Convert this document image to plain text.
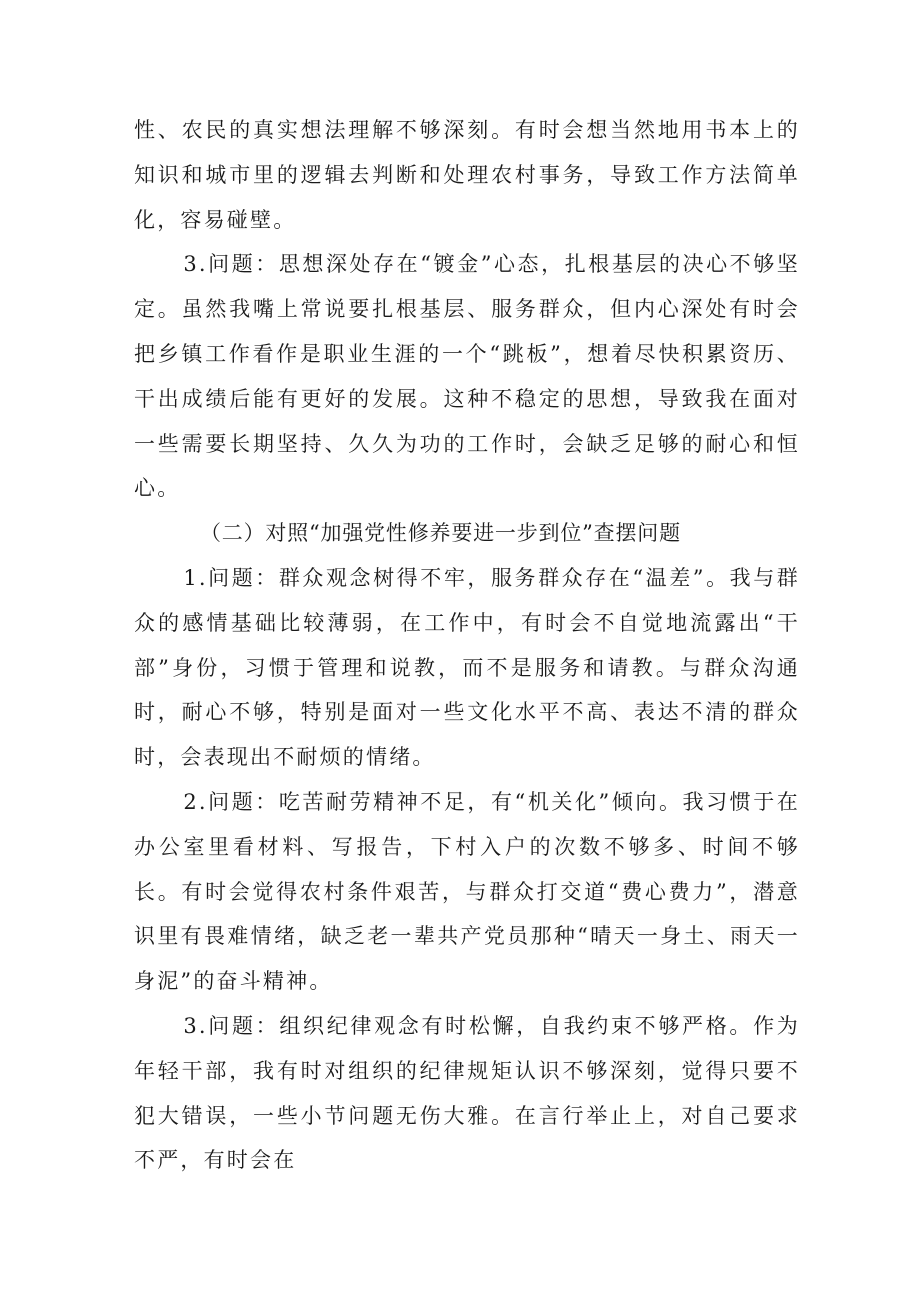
性、农民的真实想法理解不够深刻。有时会想当然地用书本上的知识和城市里的逻辑去判断和处理农村事务，导致工作方法简单化，容易碰壁。

3.问题：思想深处存在“镀金”心态，扎根基层的决心不够坚定。虽然我嘴上常说要扎根基层、服务群众，但内心深处有时会把乡镇工作看作是职业生涯的一个“跳板”，想着尽快积累资历、干出成绩后能有更好的发展。这种不稳定的思想，导致我在面对一些需要长期坚持、久久为功的工作时，会缺乏足够的耐心和恒心。

（二）对照“加强党性修养要进一步到位”查摆问题

1.问题：群众观念树得不牢，服务群众存在“温差”。我与群众的感情基础比较薄弱，在工作中，有时会不自觉地流露出“干部”身份，习惯于管理和说教，而不是服务和请教。与群众沟通时，耐心不够，特别是面对一些文化水平不高、表达不清的群众时，会表现出不耐烦的情绪。

2.问题：吃苦耐劳精神不足，有“机关化”倾向。我习惯于在办公室里看材料、写报告，下村入户的次数不够多、时间不够长。有时会觉得农村条件艰苦，与群众打交道“费心费力”，潜意识里有畏难情绪，缺乏老一辈共产党员那种“晴天一身土、雨天一身泥”的奋斗精神。

3.问题：组织纪律观念有时松懈，自我约束不够严格。作为年轻干部，我有时对组织的纪律规矩认识不够深刻，觉得只要不犯大错误，一些小节问题无伤大雅。在言行举止上，对自己要求不严，有时会在
